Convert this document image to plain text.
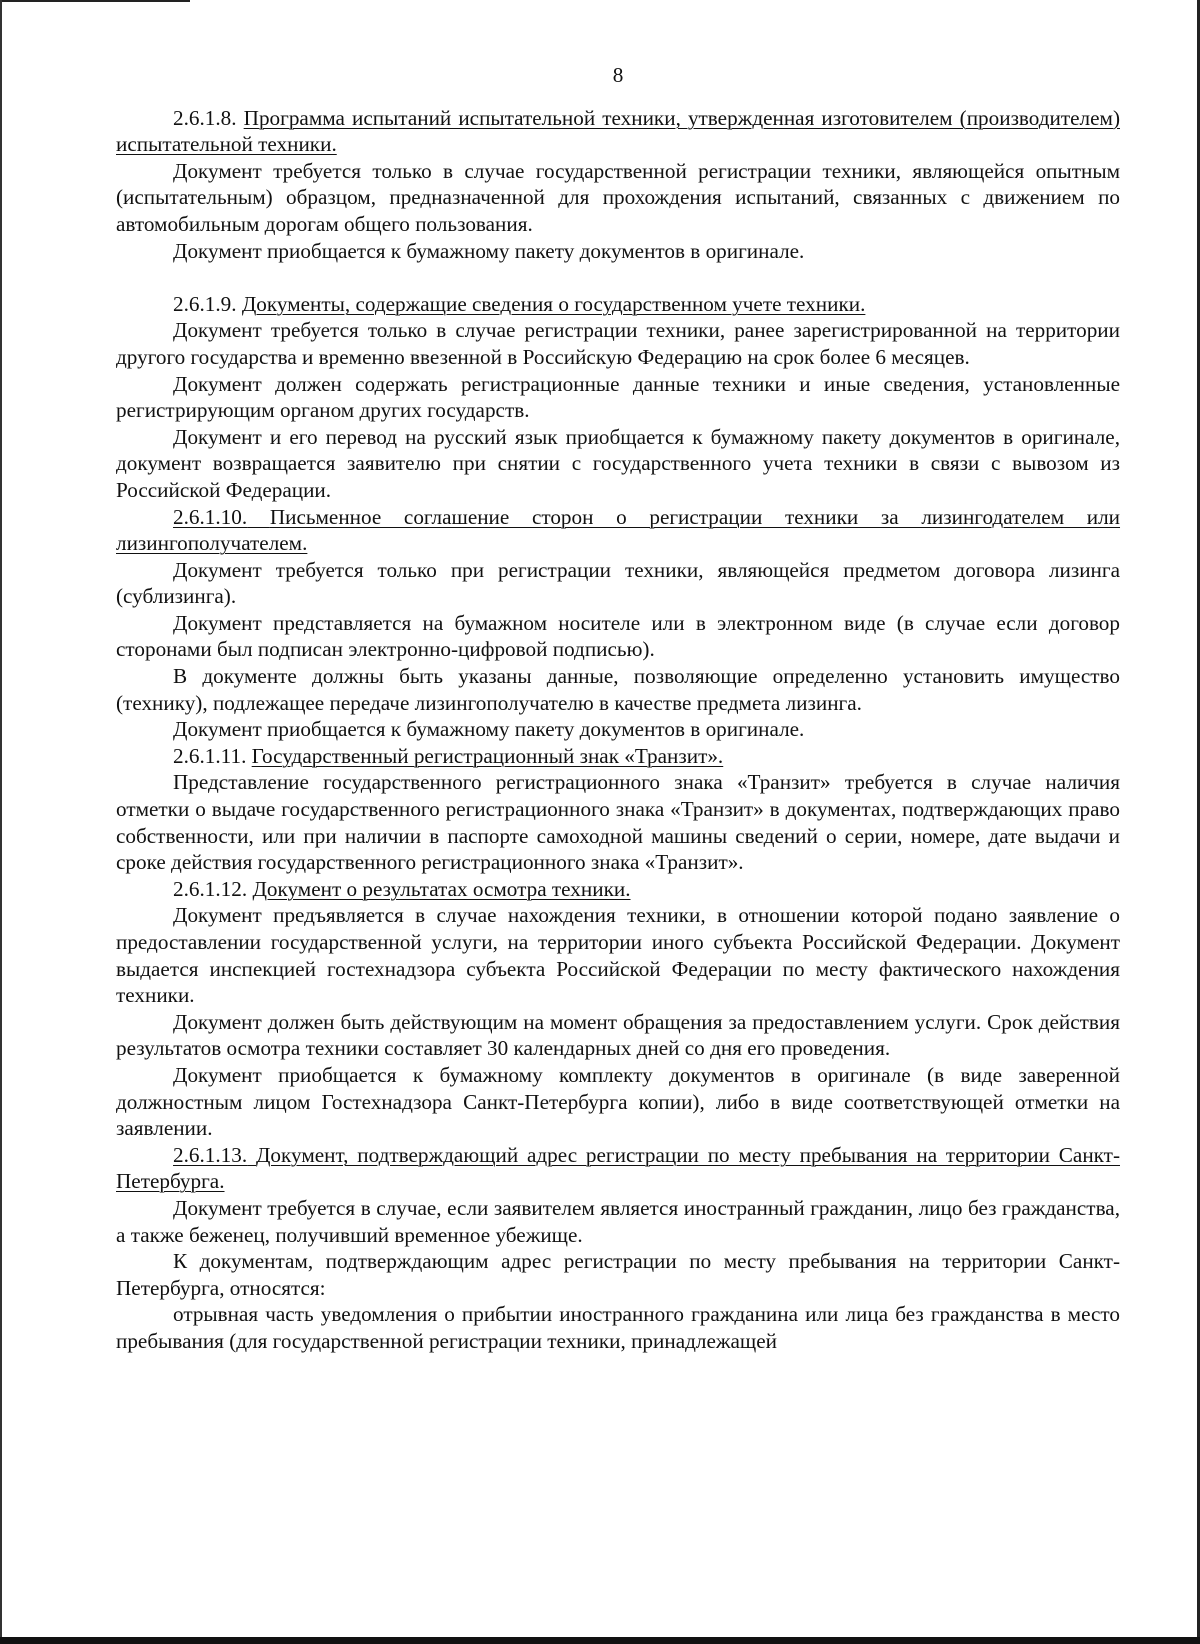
8

2.6.1.8. Программа испытаний испытательной техники, утвержденная изготовителем (производителем) испытательной техники.

Документ требуется только в случае государственной регистрации техники, являющейся опытным (испытательным) образцом, предназначенной для прохождения испытаний, связанных с движением по автомобильным дорогам общего пользования.

Документ приобщается к бумажному пакету документов в оригинале.

2.6.1.9. Документы, содержащие сведения о государственном учете техники.

Документ требуется только в случае регистрации техники, ранее зарегистрированной на территории другого государства и временно ввезенной в Российскую Федерацию на срок более 6 месяцев.

Документ должен содержать регистрационные данные техники и иные сведения, установленные регистрирующим органом других государств.

Документ и его перевод на русский язык приобщается к бумажному пакету документов в оригинале, документ возвращается заявителю при снятии с государственного учета техники в связи с вывозом из Российской Федерации.

2.6.1.10. Письменное соглашение сторон о регистрации техники за лизингодателем или лизингополучателем.

Документ требуется только при регистрации техники, являющейся предметом договора лизинга (сублизинга).

Документ представляется на бумажном носителе или в электронном виде (в случае если договор сторонами был подписан электронно-цифровой подписью).

В документе должны быть указаны данные, позволяющие определенно установить имущество (технику), подлежащее передаче лизингополучателю в качестве предмета лизинга.

Документ приобщается к бумажному пакету документов в оригинале.

2.6.1.11. Государственный регистрационный знак «Транзит».

Представление государственного регистрационного знака «Транзит» требуется в случае наличия отметки о выдаче государственного регистрационного знака «Транзит» в документах, подтверждающих право собственности, или при наличии в паспорте самоходной машины сведений о серии, номере, дате выдачи и сроке действия государственного регистрационного знака «Транзит».

2.6.1.12. Документ о результатах осмотра техники.

Документ предъявляется в случае нахождения техники, в отношении которой подано заявление о предоставлении государственной услуги, на территории иного субъекта Российской Федерации. Документ выдается инспекцией гостехнадзора субъекта Российской Федерации по месту фактического нахождения техники.

Документ должен быть действующим на момент обращения за предоставлением услуги. Срок действия результатов осмотра техники составляет 30 календарных дней со дня его проведения.

Документ приобщается к бумажному комплекту документов в оригинале (в виде заверенной должностным лицом Гостехнадзора Санкт-Петербурга копии), либо в виде соответствующей отметки на заявлении.

2.6.1.13. Документ, подтверждающий адрес регистрации по месту пребывания на территории Санкт-Петербурга.

Документ требуется в случае, если заявителем является иностранный гражданин, лицо без гражданства, а также беженец, получивший временное убежище.

К документам, подтверждающим адрес регистрации по месту пребывания на территории Санкт-Петербурга, относятся:

отрывная часть уведомления о прибытии иностранного гражданина или лица без гражданства в место пребывания (для государственной регистрации техники, принадлежащей
